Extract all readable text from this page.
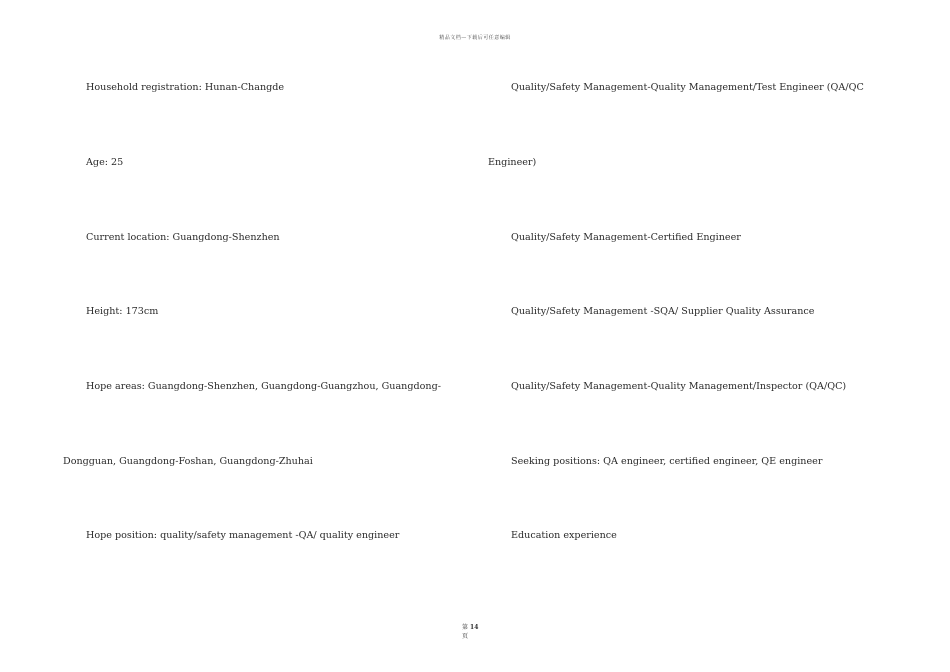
精品文档—下载后可任意编辑
Household registration: Hunan-Changde
Age: 25
Current location: Guangdong-Shenzhen
Height: 173cm
Hope areas: Guangdong-Shenzhen, Guangdong-Guangzhou, Guangdong-
Dongguan, Guangdong-Foshan, Guangdong-Zhuhai
Hope position: quality/safety management -QA/ quality engineer
Quality/Safety Management-Quality Management/Test Engineer (QA/QC
Engineer)
Quality/Safety Management-Certified Engineer
Quality/Safety Management -SQA/ Supplier Quality Assurance
Quality/Safety Management-Quality Management/Inspector (QA/QC)
Seeking positions: QA engineer, certified engineer, QE engineer
Education experience
第 14
页
